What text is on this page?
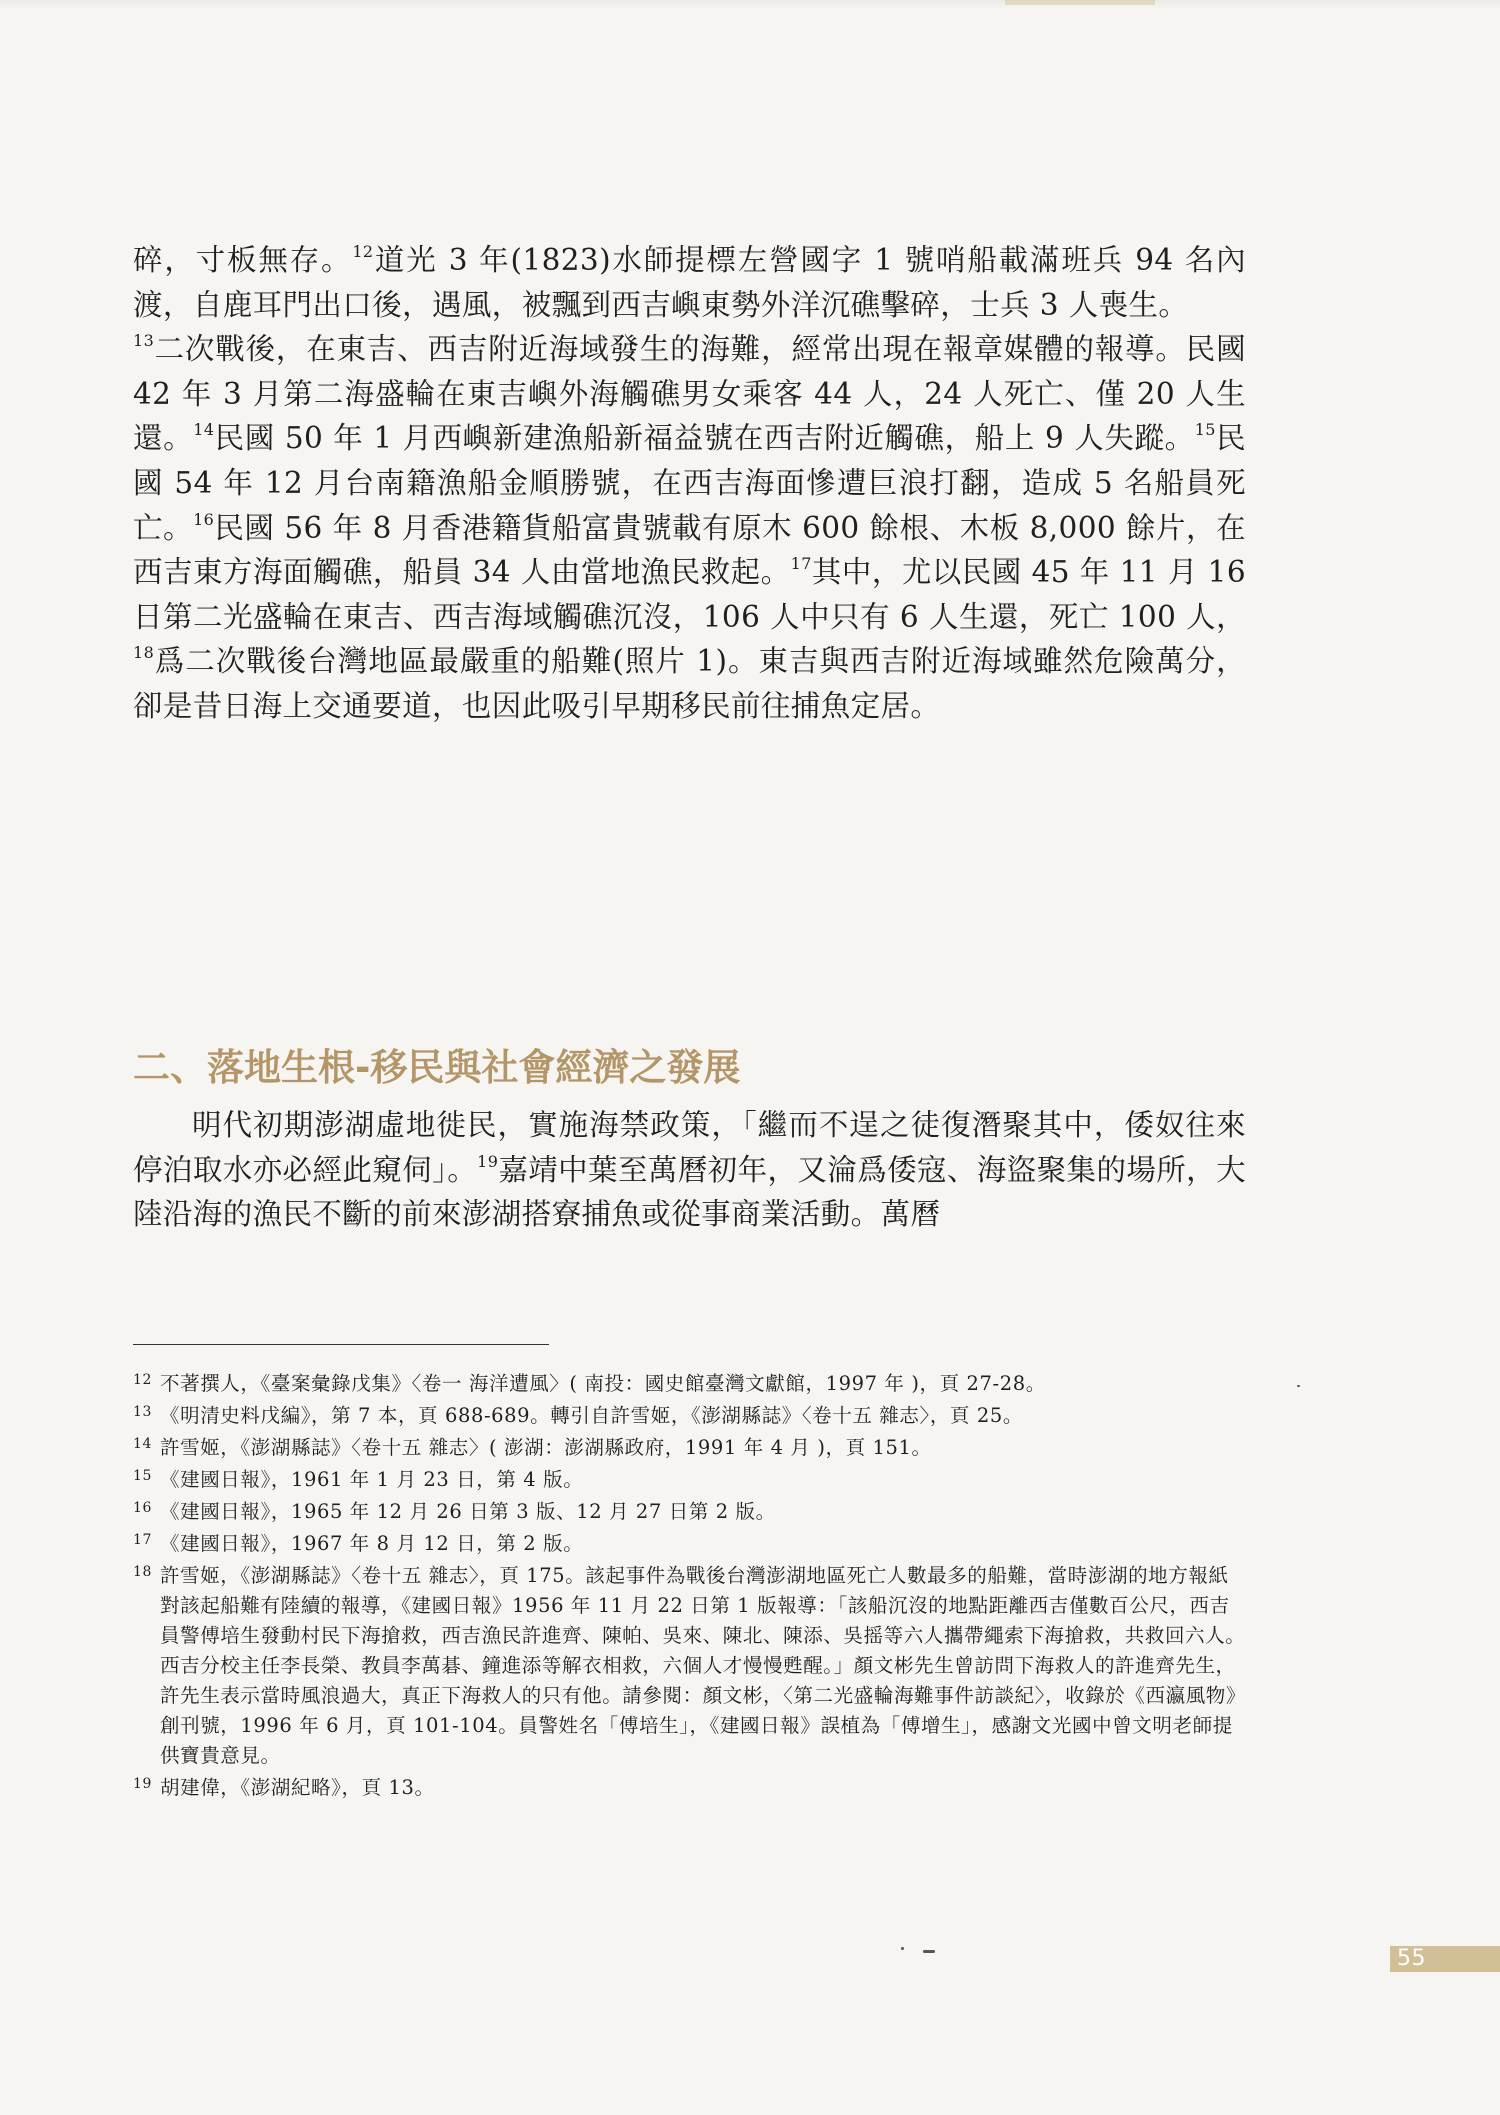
碎，寸板無存。$^{12}$道光 3 年(1823)水師提標左營國字 1 號哨船載滿班兵 94 名內渡，自鹿耳門出口後，遇風，被飄到西吉嶼東勢外洋沉礁擊碎，士兵 3 人喪生。
$^{13}$二次戰後，在東吉、西吉附近海域發生的海難，經常出現在報章媒體的報導。民國 42 年 3 月第二海盛輪在東吉嶼外海觸礁男女乘客 44 人，24 人死亡、僅 20 人生還。$^{14}$民國 50 年 1 月西嶼新建漁船新福益號在西吉附近觸礁，船上 9 人失蹤。$^{15}$民國 54 年 12 月台南籍漁船金順勝號，在西吉海面慘遭巨浪打翻，造成 5 名船員死亡。$^{16}$民國 56 年 8 月香港籍貨船富貴號載有原木 600 餘根、木板 8,000 餘片，在西吉東方海面觸礁，船員 34 人由當地漁民救起。$^{17}$其中，尤以民國 45 年 11 月 16 日第二光盛輪在東吉、西吉海域觸礁沉沒，106 人中只有 6 人生還，死亡 100 人，$^{18}$爲二次戰後台灣地區最嚴重的船難(照片 1)。東吉與西吉附近海域雖然危險萬分，卻是昔日海上交通要道，也因此吸引早期移民前往捕魚定居。

二、落地生根-移民與社會經濟之發展

明代初期澎湖虛地徙民，實施海禁政策，「繼而不逞之徒復潛聚其中，倭奴往來停泊取水亦必經此窺伺」。$^{19}$嘉靖中葉至萬曆初年，又淪爲倭寇、海盜聚集的場所，大陸沿海的漁民不斷的前來澎湖搭寮捕魚或從事商業活動。萬曆

12 不著撰人，《臺案彙錄戊集》〈卷一 海洋遭風〉( 南投：國史館臺灣文獻館，1997 年 )，頁 27-28。
13 《明清史料戊編》，第 7 本，頁 688-689。轉引自許雪姬，《澎湖縣誌》〈卷十五 雜志〉，頁 25。
14 許雪姬，《澎湖縣誌》〈卷十五 雜志〉( 澎湖：澎湖縣政府，1991 年 4 月 )，頁 151。
15 《建國日報》，1961 年 1 月 23 日，第 4 版。
16 《建國日報》，1965 年 12 月 26 日第 3 版、12 月 27 日第 2 版。
17 《建國日報》，1967 年 8 月 12 日，第 2 版。
18 許雪姬，《澎湖縣誌》〈卷十五 雜志〉，頁 175。該起事件為戰後台灣澎湖地區死亡人數最多的船難，當時澎湖的地方報紙對該起船難有陸續的報導，《建國日報》1956 年 11 月 22 日第 1 版報導：「該船沉沒的地點距離西吉僅數百公尺，西吉員警傅培生發動村民下海搶救，西吉漁民許進齊、陳帕、吳來、陳北、陳添、吳摇等六人攜帶繩索下海搶救，共救回六人。西吉分校主任李長榮、教員李萬碁、鐘進添等解衣相救，六個人才慢慢甦醒。」顏文彬先生曾訪問下海救人的許進齊先生，許先生表示當時風浪過大，真正下海救人的只有他。請參閱：顏文彬，〈第二光盛輪海難事件訪談紀〉，收錄於《西瀛風物》創刊號，1996 年 6 月，頁 101-104。員警姓名「傅培生」，《建國日報》誤植為「傅增生」，感謝文光國中曾文明老師提供寶貴意見。
19 胡建偉，《澎湖紀略》，頁 13。
55
